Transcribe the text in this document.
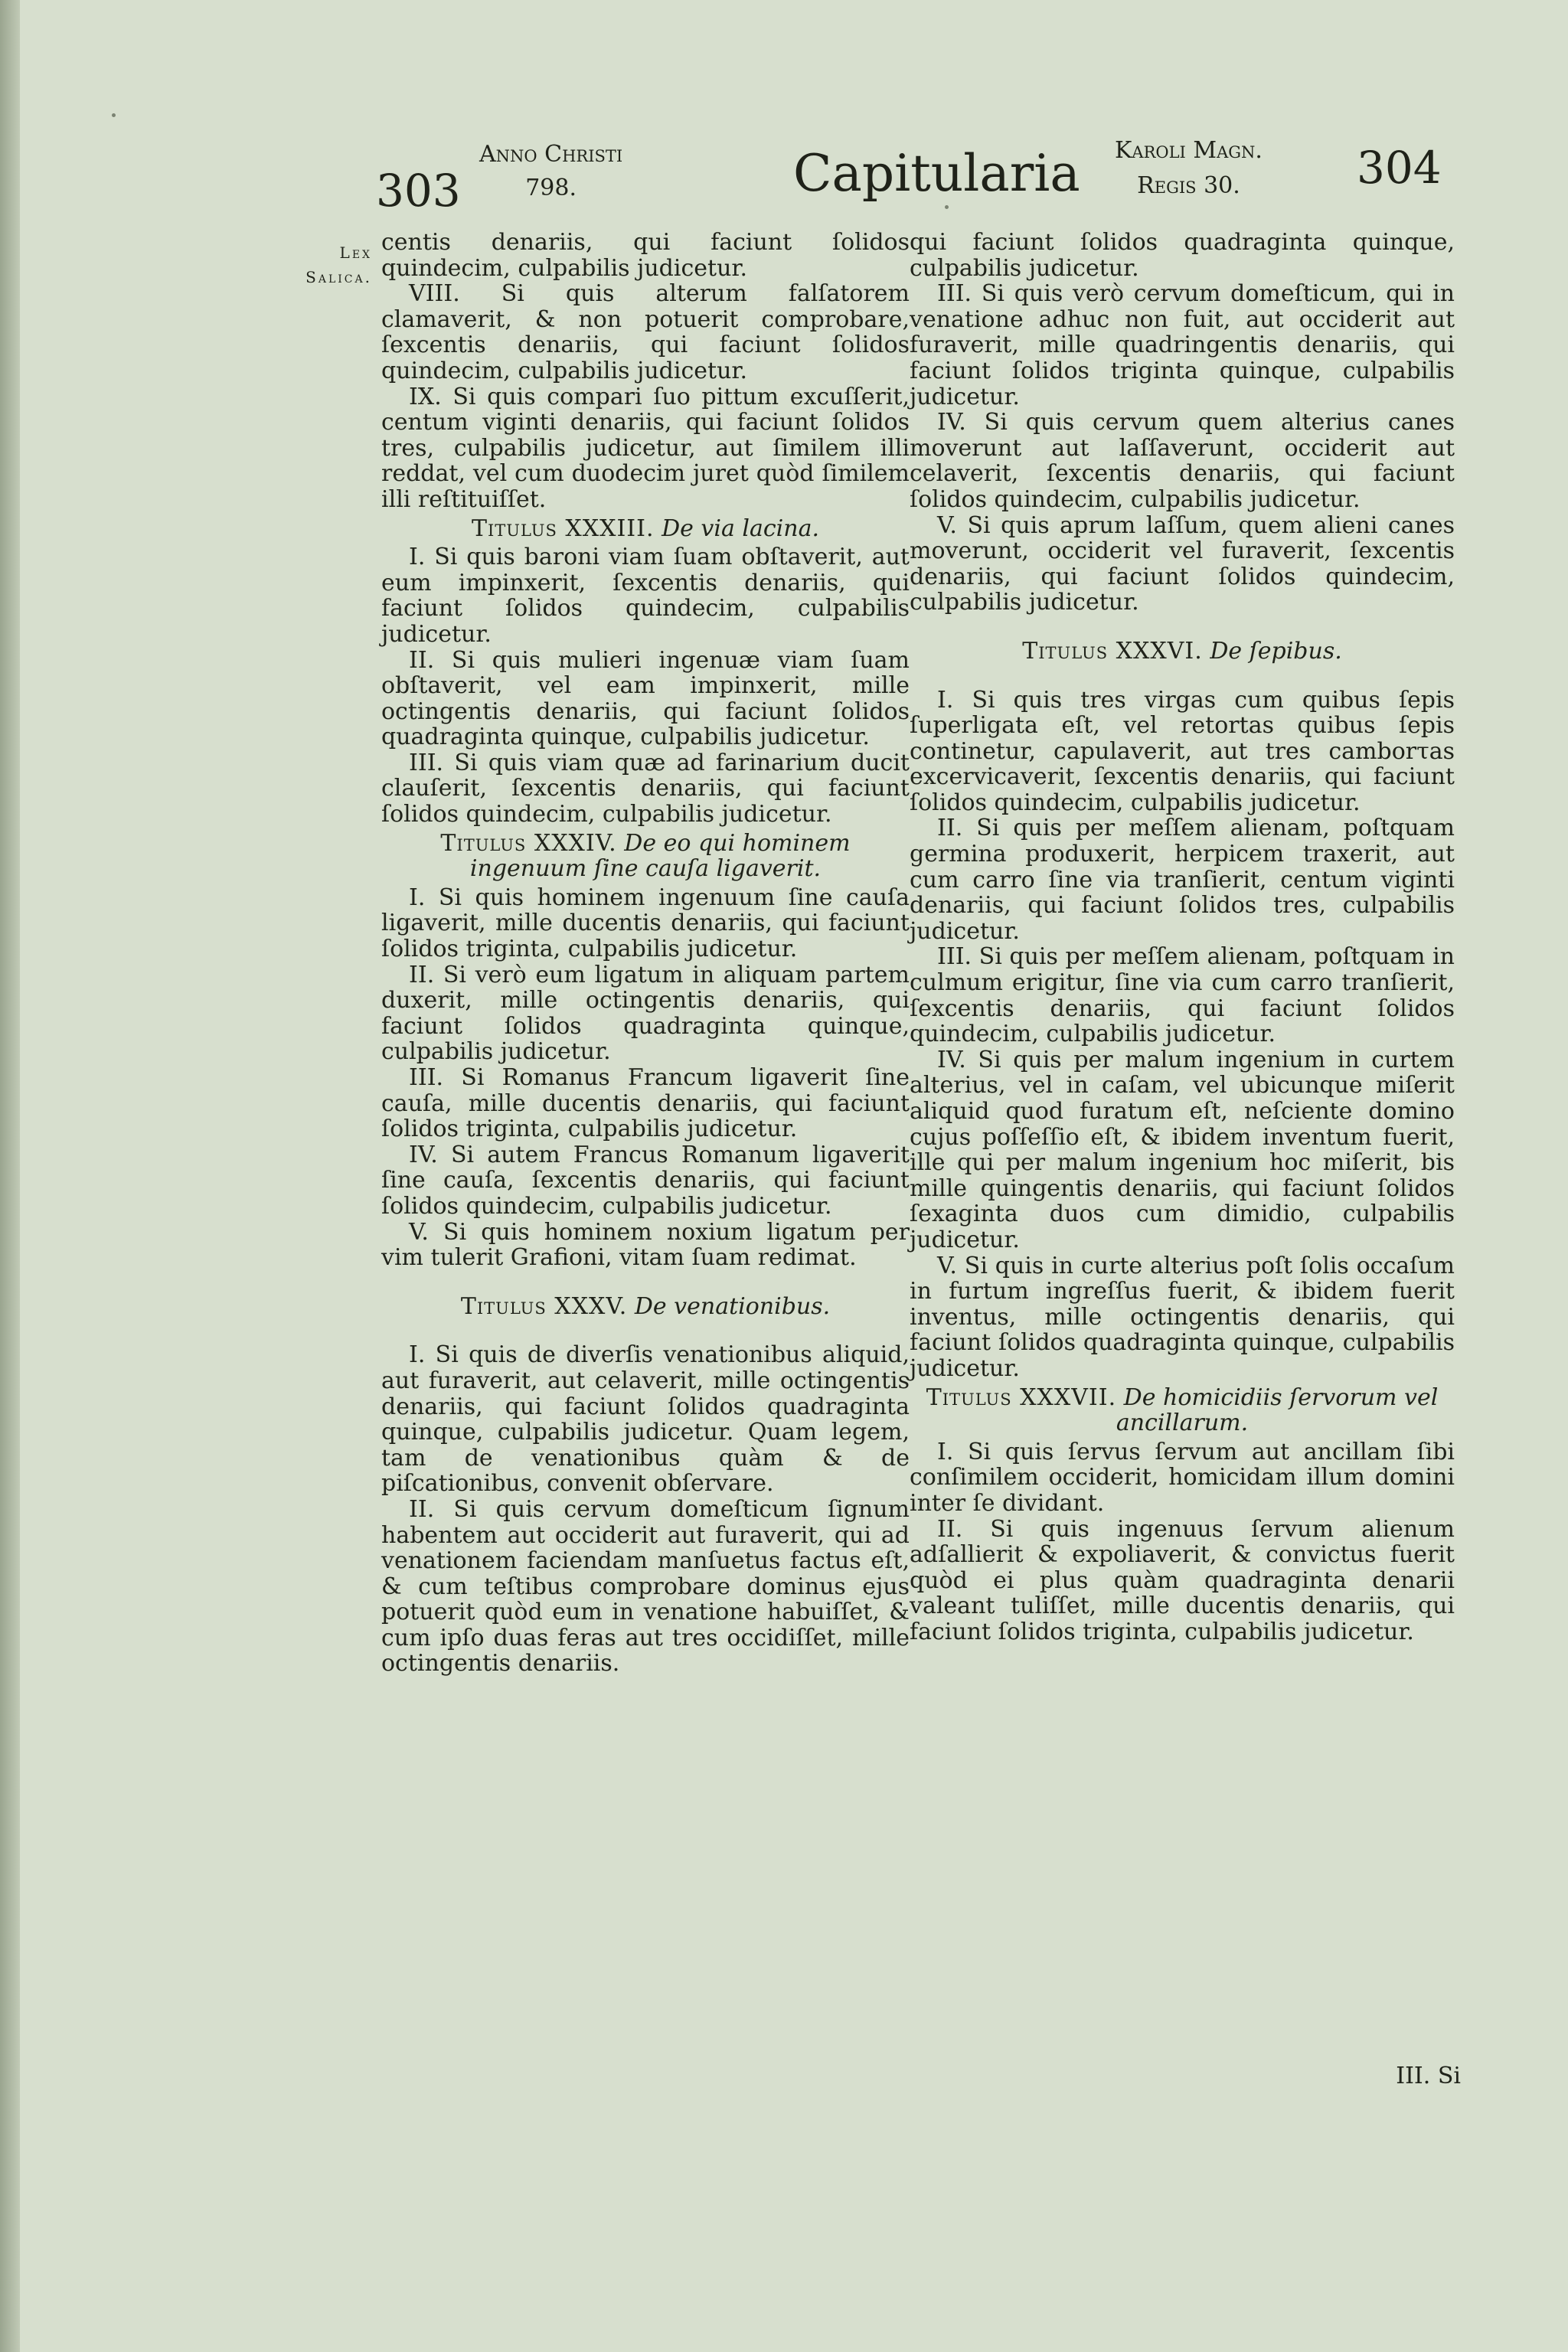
303
Anno Christi
798.	Capitularia Karoli Magn.
Regis 30.	304
Lex
Salica.

centis denariis, qui faciunt ſolidos quindecim, culpabilis judicetur.

VIII. Si quis alterum falſatorem clamaverit, & non potuerit comprobare, ſexcentis denariis, qui faciunt ſolidos quindecim, culpabilis judicetur.

IX. Si quis compari ſuo pittum excuſſerit, centum viginti denariis, qui faciunt ſolidos tres, culpabilis judicetur, aut ſimilem illi reddat, vel cum duodecim juret quòd ſimilem illi reſtituiſſet.

Titulus XXXIII. De via lacina.

I. Si quis baroni viam ſuam obſtaverit, aut eum impinxerit, ſexcentis denariis, qui faciunt ſolidos quindecim, culpabilis judicetur.

II. Si quis mulieri ingenuæ viam ſuam obſtaverit, vel eam impinxerit, mille octingentis denariis, qui faciunt ſolidos quadraginta quinque, culpabilis judicetur.

III. Si quis viam quæ ad farinarium ducit clauſerit, ſexcentis denariis, qui faciunt ſolidos quindecim, culpabilis judicetur.

Titulus XXXIV. De eo qui hominem ingenuum ſine cauſa ligaverit.

I. Si quis hominem ingenuum ſine cauſa ligaverit, mille ducentis denariis, qui faciunt ſolidos triginta, culpabilis judicetur.

II. Si verò eum ligatum in aliquam partem duxerit, mille octingentis denariis, qui faciunt ſolidos quadraginta quinque, culpabilis judicetur.

III. Si Romanus Francum ligaverit ſine cauſa, mille ducentis denariis, qui faciunt ſolidos triginta, culpabilis judicetur.

IV. Si autem Francus Romanum ligaverit ſine cauſa, ſexcentis denariis, qui faciunt ſolidos quindecim, culpabilis judicetur.

V. Si quis hominem noxium ligatum per vim tulerit Grafioni, vitam ſuam redimat.

Titulus XXXV. De venationibus.

I. Si quis de diverſis venationibus aliquid, aut furaverit, aut celaverit, mille octingentis denariis, qui faciunt ſolidos quadraginta quinque, culpabilis judicetur. Quam legem, tam de venationibus quàm & de piſcationibus, convenit obſervare.

II. Si quis cervum domeſticum ſignum habentem aut occiderit aut furaverit, qui ad venationem faciendam manſuetus factus eſt, & cum teſtibus comprobare dominus ejus potuerit quòd eum in venatione habuiſſet, & cum ipſo duas feras aut tres occidiſſet, mille octingentis denariis.

qui faciunt ſolidos quadraginta quinque, culpabilis judicetur.

III. Si quis verò cervum domeſticum, qui in venatione adhuc non fuit, aut occiderit aut furaverit, mille quadringentis denariis, qui faciunt ſolidos triginta quinque, culpabilis judicetur.

IV. Si quis cervum quem alterius canes moverunt aut laſſaverunt, occiderit aut celaverit, ſexcentis denariis, qui faciunt ſolidos quindecim, culpabilis judicetur.

V. Si quis aprum laſſum, quem alieni canes moverunt, occiderit vel furaverit, ſexcentis denariis, qui faciunt ſolidos quindecim, culpabilis judicetur.

Titulus XXXVI. De ſepibus.

I. Si quis tres virgas cum quibus ſepis ſuperligata eſt, vel retortas quibus ſepis continetur, capulaverit, aut tres camborτas excervicaverit, ſexcentis denariis, qui faciunt ſolidos quindecim, culpabilis judicetur.

II. Si quis per meſſem alienam, poſtquam germina produxerit, herpicem traxerit, aut cum carro ſine via tranſierit, centum viginti denariis, qui faciunt ſolidos tres, culpabilis judicetur.

III. Si quis per meſſem alienam, poſtquam in culmum erigitur, ſine via cum carro tranſierit, ſexcentis denariis, qui faciunt ſolidos quindecim, culpabilis judicetur.

IV. Si quis per malum ingenium in curtem alterius, vel in caſam, vel ubicunque miſerit aliquid quod furatum eſt, neſciente domino cujus poſſeſſio eſt, & ibidem inventum fuerit, ille qui per malum ingenium hoc miſerit, bis mille quingentis denariis, qui faciunt ſolidos ſexaginta duos cum dimidio, culpabilis judicetur.

V. Si quis in curte alterius poſt ſolis occaſum in furtum ingreſſus fuerit, & ibidem fuerit inventus, mille octingentis denariis, qui faciunt ſolidos quadraginta quinque, culpabilis judicetur.

Titulus XXXVII. De homicidiis ſervorum vel ancillarum.

I. Si quis ſervus ſervum aut ancillam ſibi conſimilem occiderit, homicidam illum domini inter ſe dividant.

II. Si quis ingenuus ſervum alienum adſallierit & expoliaverit, & convictus fuerit quòd ei plus quàm quadraginta denarii valeant tuliſſet, mille ducentis denariis, qui faciunt ſolidos triginta, culpabilis judicetur.

III. Si
